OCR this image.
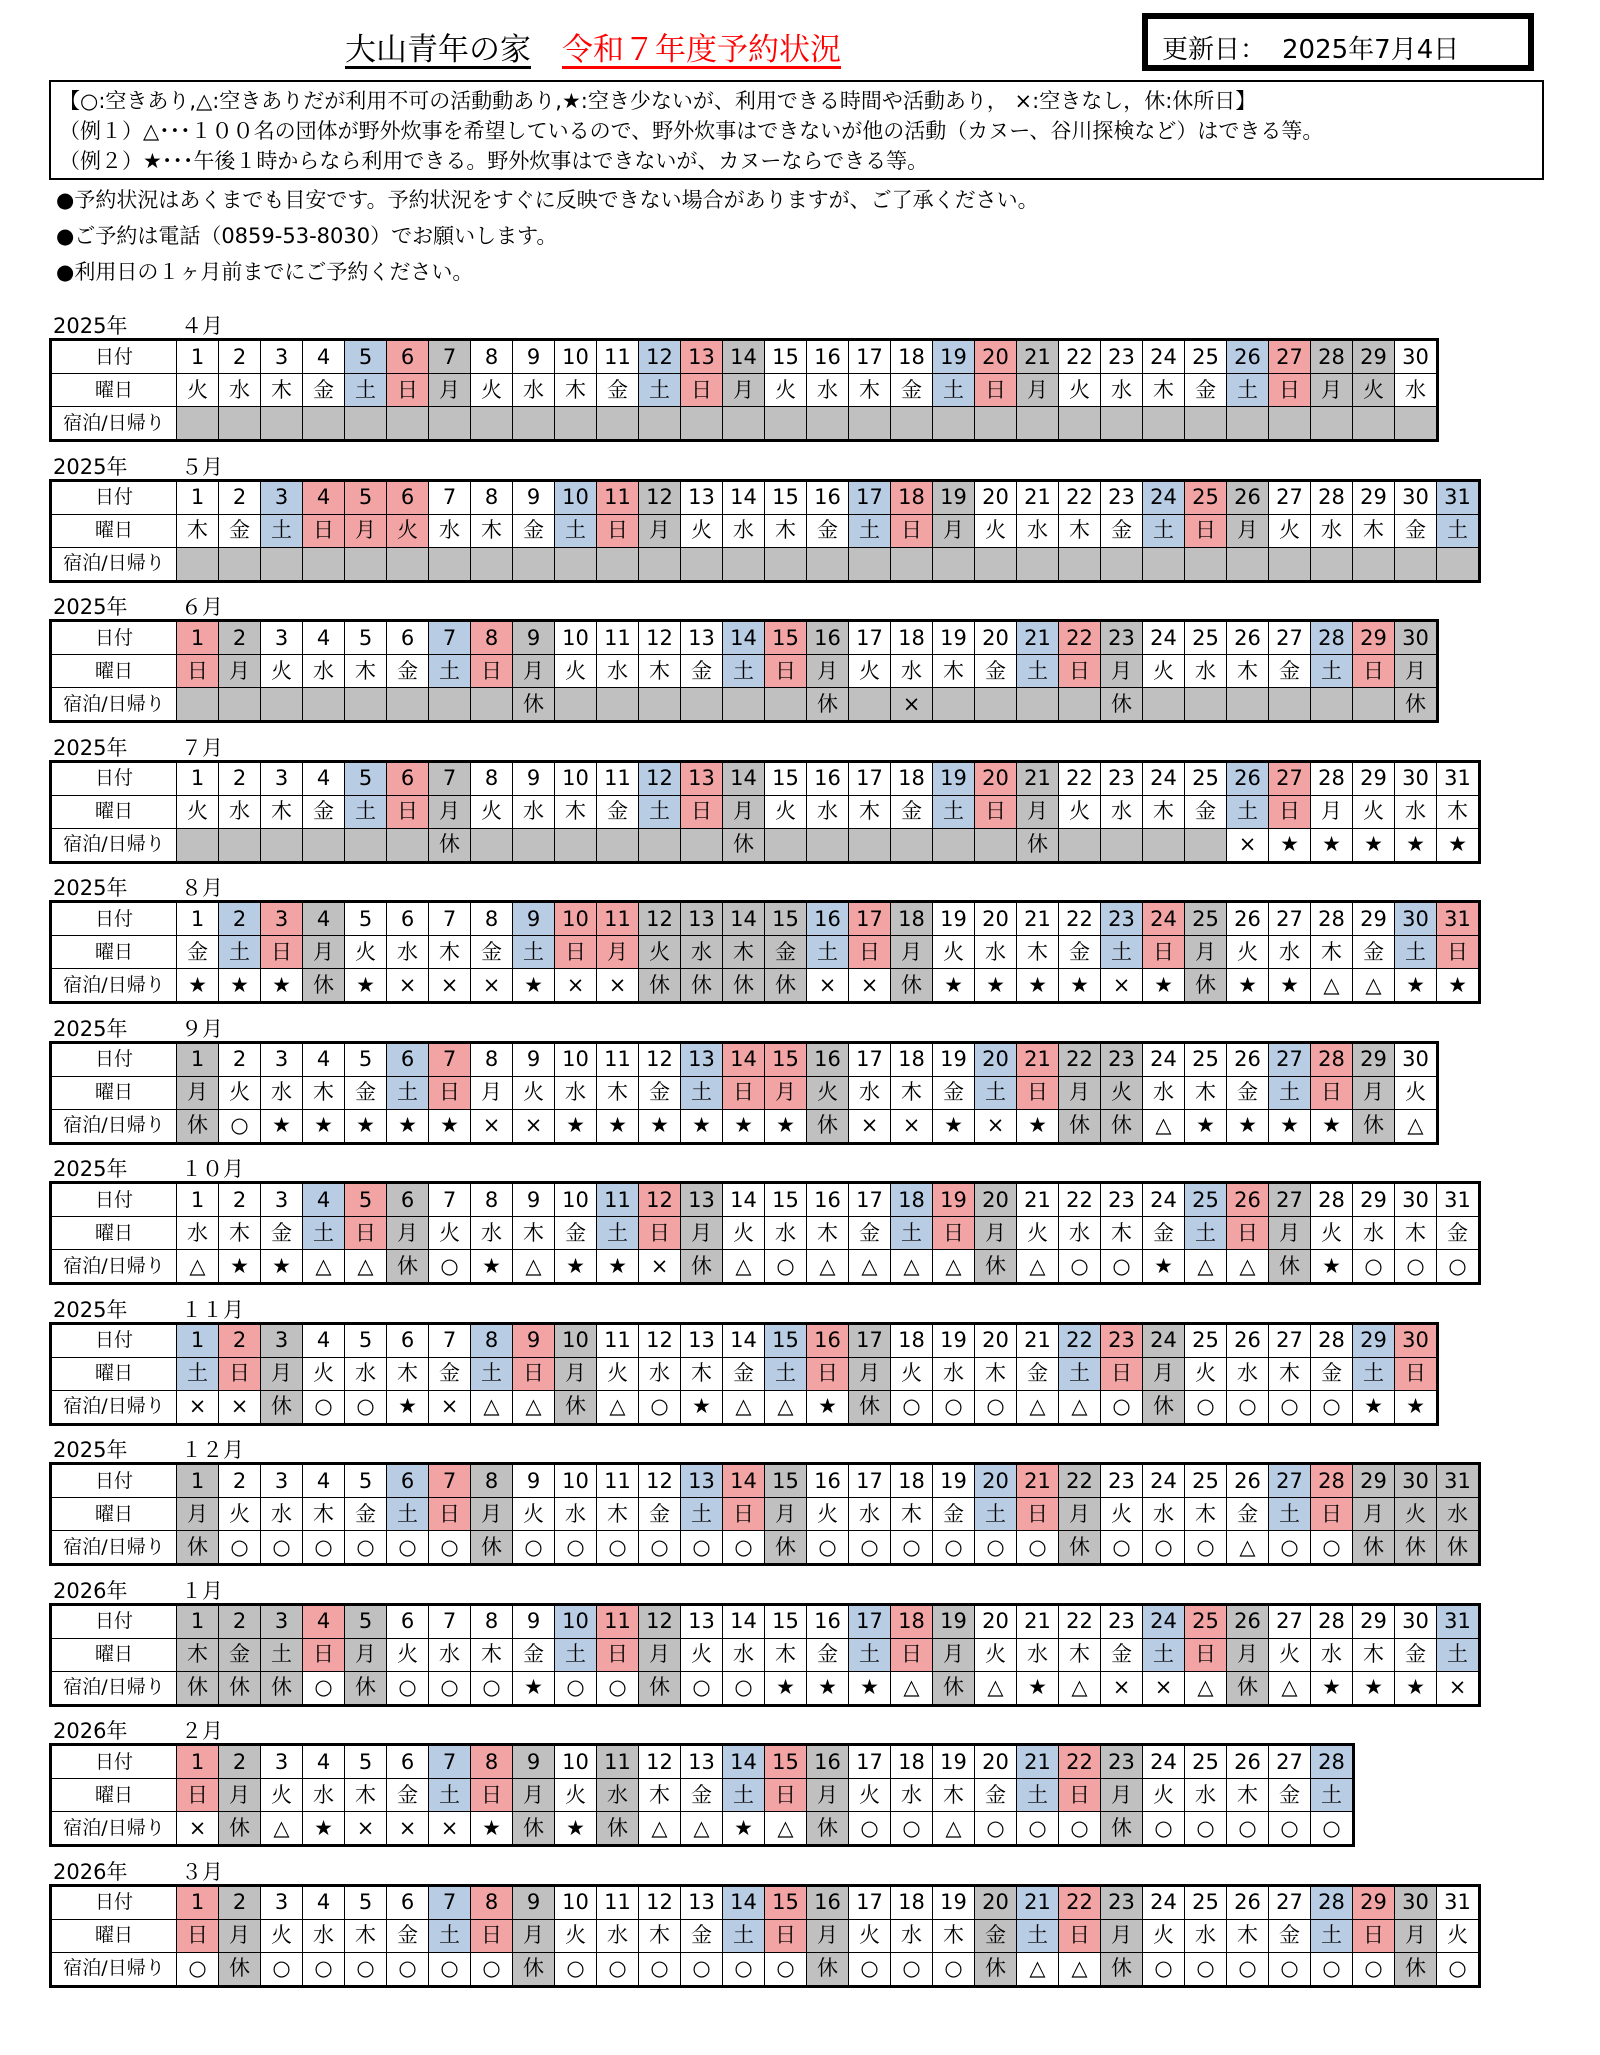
大山青年の家 令和７年度予約状況	更新日： 2025年7月4日
【○:空きあり,△:空きありだが利用不可の活動動あり,★:空き少ないが、利用できる時間や活動あり， ×:空きなし，休:休所日】
（例１）△･･･１００名の団体が野外炊事を希望しているので、野外炊事はできないが他の活動（カヌー、谷川探検など）はできる等。
（例２）★･･･午後１時からなら利用できる。野外炊事はできないが、カヌーならできる等。
●予約状況はあくまでも目安です。予約状況をすぐに反映できない場合がありますが、ご了承ください。
●ご予約は電話（0859-53-8030）でお願いします。
●利用日の１ヶ月前までにご予約ください。
2025年	４月
日付	1	2	3	4	5	6	7	8	9	10	11	12	13	14	15	16	17	18	19	20	21	22	23	24	25	26	27	28	29	30
曜日	火	水	木	金	土	日	月	火	水	木	金	土	日	月	火	水	木	金	土	日	月	火	水	木	金	土	日	月	火	水
宿泊/日帰り																														
2025年	５月
日付	1	2	3	4	5	6	7	8	9	10	11	12	13	14	15	16	17	18	19	20	21	22	23	24	25	26	27	28	29	30	31
曜日	木	金	土	日	月	火	水	木	金	土	日	月	火	水	木	金	土	日	月	火	水	木	金	土	日	月	火	水	木	金	土
宿泊/日帰り																															
2025年	６月
日付	1	2	3	4	5	6	7	8	9	10	11	12	13	14	15	16	17	18	19	20	21	22	23	24	25	26	27	28	29	30
曜日	日	月	火	水	木	金	土	日	月	火	水	木	金	土	日	月	火	水	木	金	土	日	月	火	水	木	金	土	日	月
宿泊/日帰り									休							休		×					休							休
2025年	７月
日付	1	2	3	4	5	6	7	8	9	10	11	12	13	14	15	16	17	18	19	20	21	22	23	24	25	26	27	28	29	30	31
曜日	火	水	木	金	土	日	月	火	水	木	金	土	日	月	火	水	木	金	土	日	月	火	水	木	金	土	日	月	火	水	木
宿泊/日帰り							休							休							休					×	★	★	★	★	★
2025年	８月
日付	1	2	3	4	5	6	7	8	9	10	11	12	13	14	15	16	17	18	19	20	21	22	23	24	25	26	27	28	29	30	31
曜日	金	土	日	月	火	水	木	金	土	日	月	火	水	木	金	土	日	月	火	水	木	金	土	日	月	火	水	木	金	土	日
宿泊/日帰り	★	★	★	休	★	×	×	×	★	×	×	休	休	休	休	×	×	休	★	★	★	★	×	★	休	★	★	△	△	★	★
2025年	９月
日付	1	2	3	4	5	6	7	8	9	10	11	12	13	14	15	16	17	18	19	20	21	22	23	24	25	26	27	28	29	30
曜日	月	火	水	木	金	土	日	月	火	水	木	金	土	日	月	火	水	木	金	土	日	月	火	水	木	金	土	日	月	火
宿泊/日帰り	休	○	★	★	★	★	★	×	×	★	★	★	★	★	★	休	×	×	★	×	★	休	休	△	★	★	★	★	休	△
2025年	１０月
日付	1	2	3	4	5	6	7	8	9	10	11	12	13	14	15	16	17	18	19	20	21	22	23	24	25	26	27	28	29	30	31
曜日	水	木	金	土	日	月	火	水	木	金	土	日	月	火	水	木	金	土	日	月	火	水	木	金	土	日	月	火	水	木	金
宿泊/日帰り	△	★	★	△	△	休	○	★	△	★	★	×	休	△	○	△	△	△	△	休	△	○	○	★	△	△	休	★	○	○	○
2025年	１１月
日付	1	2	3	4	5	6	7	8	9	10	11	12	13	14	15	16	17	18	19	20	21	22	23	24	25	26	27	28	29	30
曜日	土	日	月	火	水	木	金	土	日	月	火	水	木	金	土	日	月	火	水	木	金	土	日	月	火	水	木	金	土	日
宿泊/日帰り	×	×	休	○	○	★	×	△	△	休	△	○	★	△	△	★	休	○	○	○	△	△	○	休	○	○	○	○	★	★
2025年	１２月
日付	1	2	3	4	5	6	7	8	9	10	11	12	13	14	15	16	17	18	19	20	21	22	23	24	25	26	27	28	29	30	31
曜日	月	火	水	木	金	土	日	月	火	水	木	金	土	日	月	火	水	木	金	土	日	月	火	水	木	金	土	日	月	火	水
宿泊/日帰り	休	○	○	○	○	○	○	休	○	○	○	○	○	○	休	○	○	○	○	○	○	休	○	○	○	△	○	○	休	休	休
2026年	１月
日付	1	2	3	4	5	6	7	8	9	10	11	12	13	14	15	16	17	18	19	20	21	22	23	24	25	26	27	28	29	30	31
曜日	木	金	土	日	月	火	水	木	金	土	日	月	火	水	木	金	土	日	月	火	水	木	金	土	日	月	火	水	木	金	土
宿泊/日帰り	休	休	休	○	休	○	○	○	★	○	○	休	○	○	★	★	★	△	休	△	★	△	×	×	△	休	△	★	★	★	×
2026年	２月
日付	1	2	3	4	5	6	7	8	9	10	11	12	13	14	15	16	17	18	19	20	21	22	23	24	25	26	27	28
曜日	日	月	火	水	木	金	土	日	月	火	水	木	金	土	日	月	火	水	木	金	土	日	月	火	水	木	金	土
宿泊/日帰り	×	休	△	★	×	×	×	★	休	★	休	△	△	★	△	休	○	○	△	○	○	○	休	○	○	○	○	○
2026年	３月
日付	1	2	3	4	5	6	7	8	9	10	11	12	13	14	15	16	17	18	19	20	21	22	23	24	25	26	27	28	29	30	31
曜日	日	月	火	水	木	金	土	日	月	火	水	木	金	土	日	月	火	水	木	金	土	日	月	火	水	木	金	土	日	月	火
宿泊/日帰り	○	休	○	○	○	○	○	○	休	○	○	○	○	○	○	休	○	○	○	休	△	△	休	○	○	○	○	○	○	休	○
